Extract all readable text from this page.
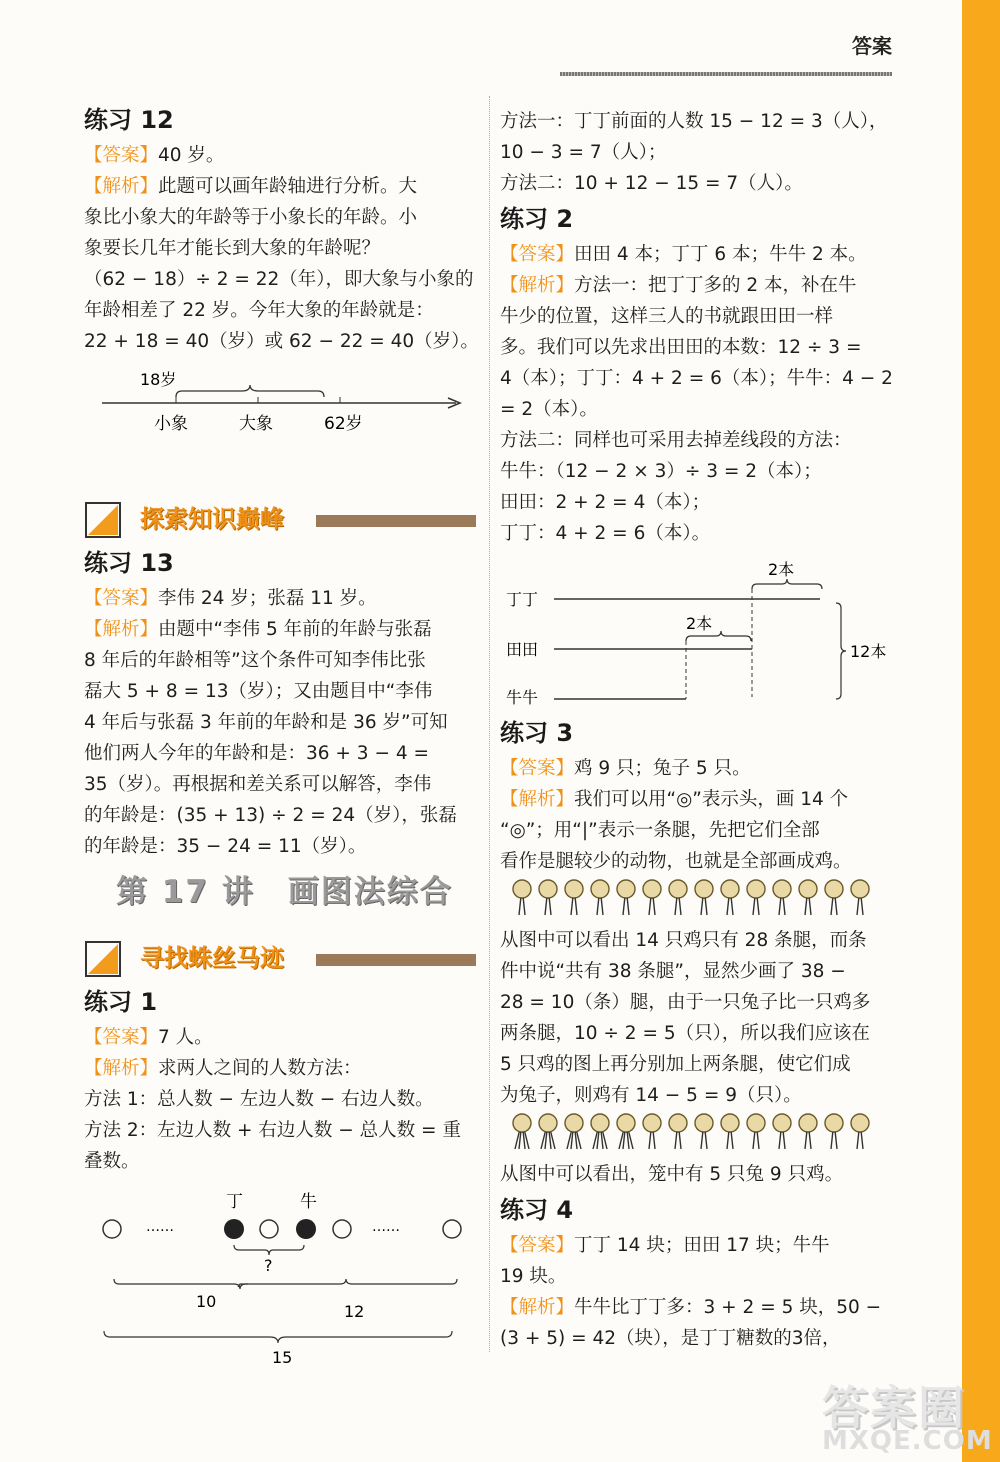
答案
练习 12

【答案】40 岁。

【解析】此题可以画年龄轴进行分析。大

象比小象大的年龄等于小象长的年龄。小

象要长几年才能长到大象的年龄呢？

（62 − 18）÷ 2 = 22（年），即大象与小象的

年龄相差了 22 岁。今年大象的年龄就是：

22 + 18 = 40（岁）或 62 − 22 = 40（岁）。

18岁
小象	大象	62岁
探索知识巅峰
练习 13

【答案】李伟 24 岁；张磊 11 岁。

【解析】由题中“李伟 5 年前的年龄与张磊

8 年后的年龄相等”这个条件可知李伟比张

磊大 5 + 8 = 13（岁）；又由题目中“李伟

4 年后与张磊 3 年前的年龄和是 36 岁”可知

他们两人今年的年龄和是：36 + 3 − 4 =

35（岁）。再根据和差关系可以解答，李伟

的年龄是：(35 + 13) ÷ 2 = 24（岁），张磊

的年龄是：35 − 24 = 11（岁）。

第 17 讲　画图法综合
寻找蛛丝马迹
练习 1

【答案】7 人。

【解析】求两人之间的人数方法：

方法 1：总人数 − 左边人数 − 右边人数。

方法 2：左边人数 + 右边人数 − 总人数 = 重

叠数。

丁	牛
……	……
?
10
12
15

方法一：丁丁前面的人数 15 − 12 = 3（人），

10 − 3 = 7（人）；

方法二：10 + 12 − 15 = 7（人）。

练习 2

【答案】田田 4 本；丁丁 6 本；牛牛 2 本。

【解析】方法一：把丁丁多的 2 本，补在牛

牛少的位置，这样三人的书就跟田田一样

多。我们可以先求出田田的本数：12 ÷ 3 =

4（本）；丁丁：4 + 2 = 6（本）；牛牛：4 − 2

= 2（本）。

方法二：同样也可采用去掉差线段的方法：

牛牛：（12 − 2 × 3）÷ 3 = 2（本）；

田田：2 + 2 = 4（本）；

丁丁：4 + 2 = 6（本）。

2本
丁丁
2本
田田
牛牛
12本
练习 3

【答案】鸡 9 只；兔子 5 只。

【解析】我们可以用“◎”表示头，画 14 个

“◎”；用“|”表示一条腿，先把它们全部

看作是腿较少的动物，也就是全部画成鸡。

从图中可以看出 14 只鸡只有 28 条腿，而条

件中说“共有 38 条腿”，显然少画了 38 −

28 = 10（条）腿，由于一只兔子比一只鸡多

两条腿，10 ÷ 2 = 5（只），所以我们应该在

5 只鸡的图上再分别加上两条腿，使它们成

为兔子，则鸡有 14 − 5 = 9（只）。

从图中可以看出，笼中有 5 只兔 9 只鸡。

练习 4

【答案】丁丁 14 块；田田 17 块；牛牛

19 块。

【解析】牛牛比丁丁多：3 + 2 = 5 块，50 −

(3 + 5) = 42（块），是丁丁糖数的3倍，

答案圈
MXQE.COM
